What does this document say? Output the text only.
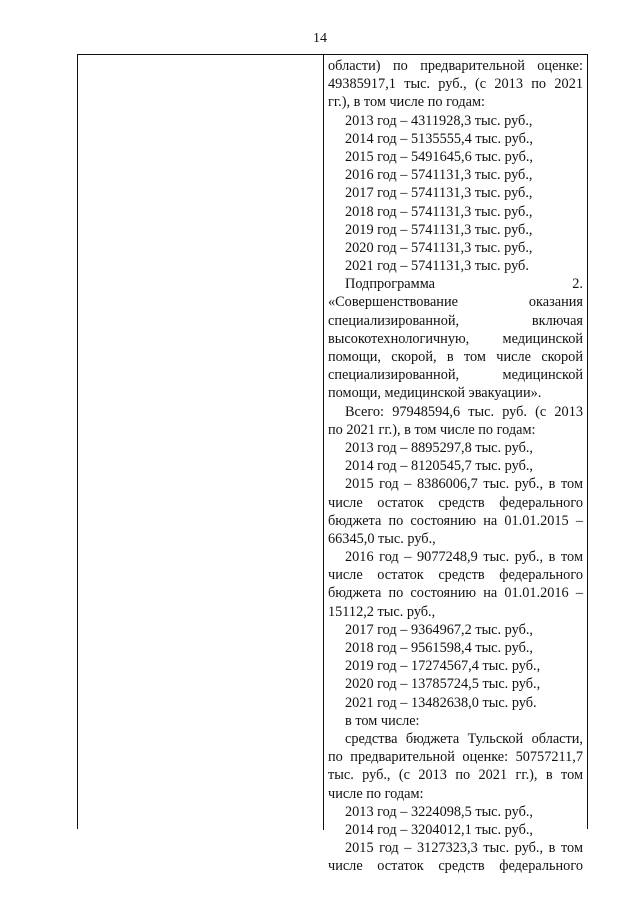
14
области) по предварительной оценке:
49385917,1 тыс. руб., (с 2013 по 2021
гг.), в том числе по годам:
2013 год – 4311928,3 тыс. руб.,
2014 год – 5135555,4 тыс. руб.,
2015 год – 5491645,6 тыс. руб.,
2016 год – 5741131,3 тыс. руб.,
2017 год – 5741131,3 тыс. руб.,
2018 год – 5741131,3 тыс. руб.,
2019 год – 5741131,3 тыс. руб.,
2020 год – 5741131,3 тыс. руб.,
2021 год – 5741131,3 тыс. руб.
Подпрограмма 2.
«Совершенствование оказания
специализированной, включая
высокотехнологичную, медицинской
помощи, скорой, в том числе скорой
специализированной, медицинской
помощи, медицинской эвакуации».
Всего: 97948594,6 тыс. руб. (с 2013
по 2021 гг.), в том числе по годам:
2013 год – 8895297,8 тыс. руб.,
2014 год – 8120545,7 тыс. руб.,
2015 год – 8386006,7 тыс. руб., в том
числе остаток средств федерального
бюджета по состоянию на 01.01.2015 –
66345,0 тыс. руб.,
2016 год – 9077248,9 тыс. руб., в том
числе остаток средств федерального
бюджета по состоянию на 01.01.2016 –
15112,2 тыс. руб.,
2017 год – 9364967,2 тыс. руб.,
2018 год – 9561598,4 тыс. руб.,
2019 год – 17274567,4 тыс. руб.,
2020 год – 13785724,5 тыс. руб.,
2021 год – 13482638,0 тыс. руб.
в том числе:
средства бюджета Тульской области,
по предварительной оценке: 50757211,7
тыс. руб., (с 2013 по 2021 гг.), в том
числе по годам:
2013 год – 3224098,5 тыс. руб.,
2014 год – 3204012,1 тыс. руб.,
2015 год – 3127323,3 тыс. руб., в том
числе остаток средств федерального
